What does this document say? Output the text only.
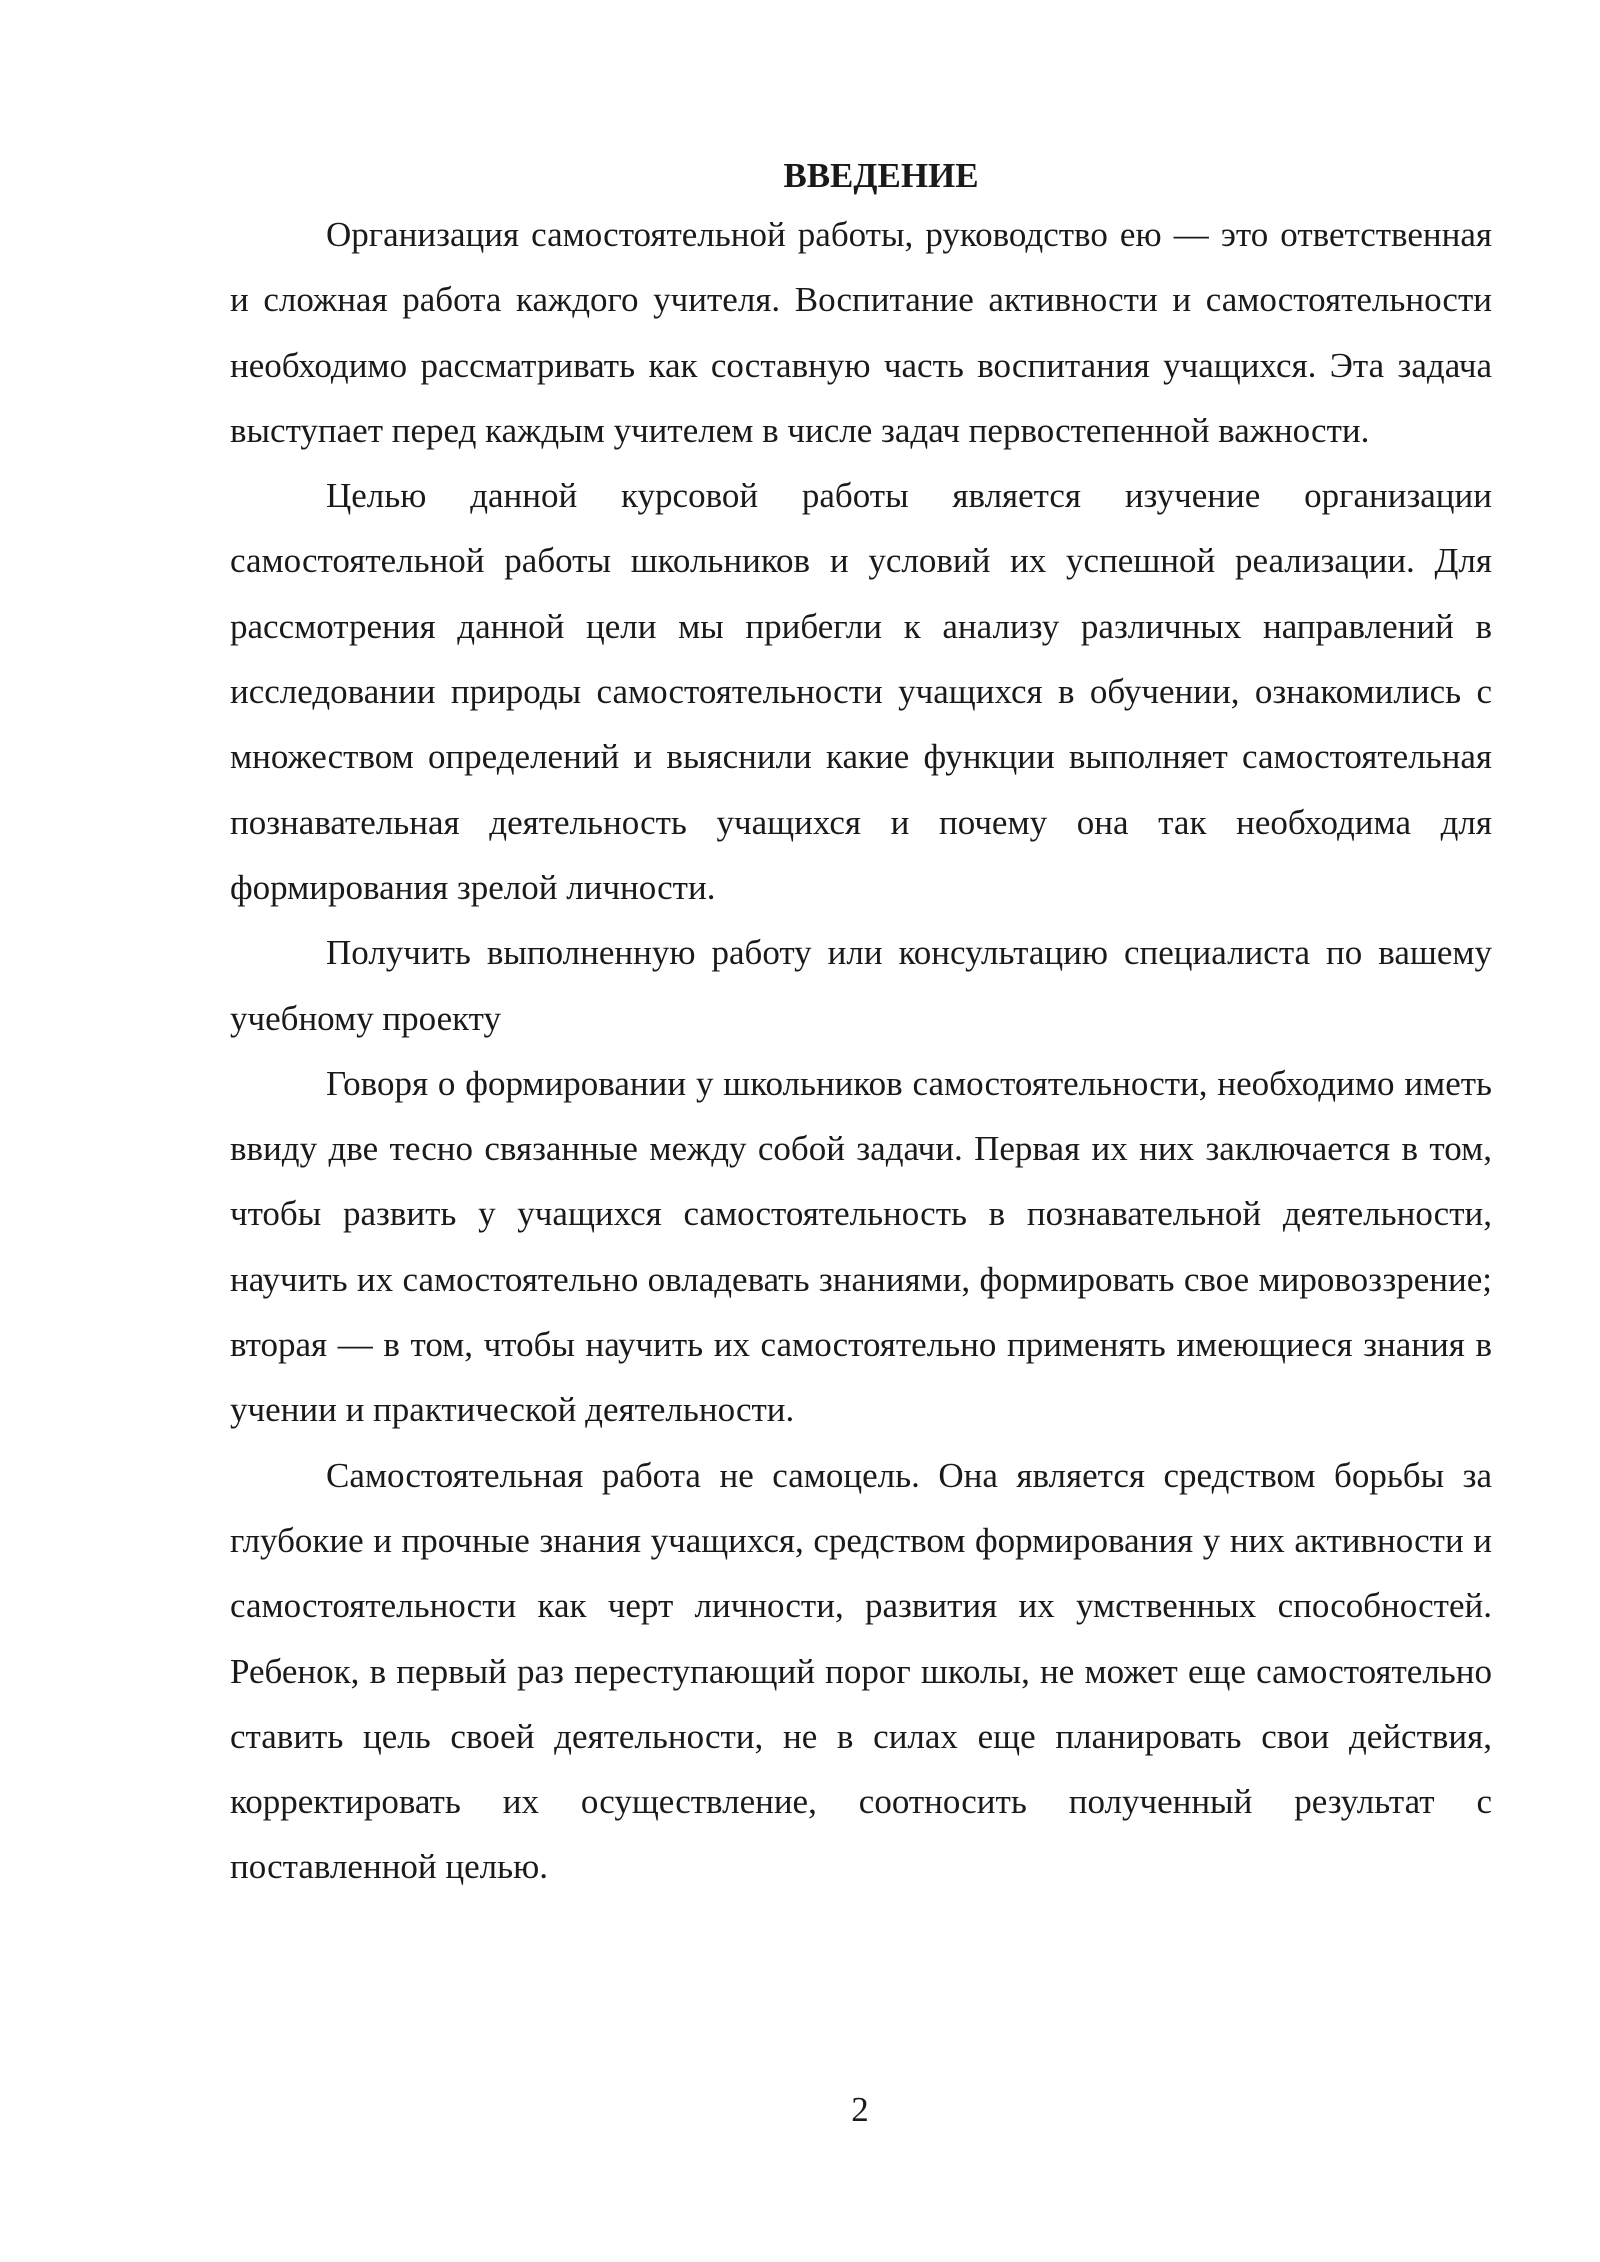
ВВЕДЕНИЕ

Организация самостоятельной работы, руководство ею — это ответственная и сложная работа каждого учителя. Воспитание активности и самостоятельности необходимо рассматривать как составную часть воспитания учащихся. Эта задача выступает перед каждым учителем в числе задач первостепенной важности.

Целью данной курсовой работы является изучение организации самостоятельной работы школьников и условий их успешной реализации. Для рассмотрения данной цели мы прибегли к анализу различных направлений в исследовании природы самостоятельности учащихся в обучении, ознакомились с множеством определений и выяснили какие функции выполняет самостоятельная познавательная деятельность учащихся и почему она так необходима для формирования зрелой личности.

Получить выполненную работу или консультацию специалиста по вашему учебному проекту

Говоря о формировании у школьников самостоятельности, необходимо иметь ввиду две тесно связанные между собой задачи. Первая их них заключается в том, чтобы развить у учащихся самостоятельность в познавательной деятельности, научить их самостоятельно овладевать знаниями, формировать свое мировоззрение; вторая — в том, чтобы научить их самостоятельно применять имеющиеся знания в учении и практической деятельности.

Самостоятельная работа не самоцель. Она является средством борьбы за глубокие и прочные знания учащихся, средством формирования у них активности и самостоятельности как черт личности, развития их умственных способностей. Ребенок, в первый раз переступающий порог школы, не может еще самостоятельно ставить цель своей деятельности, не в силах еще планировать свои действия, корректировать их осуществление, соотносить полученный результат с поставленной целью.

2
